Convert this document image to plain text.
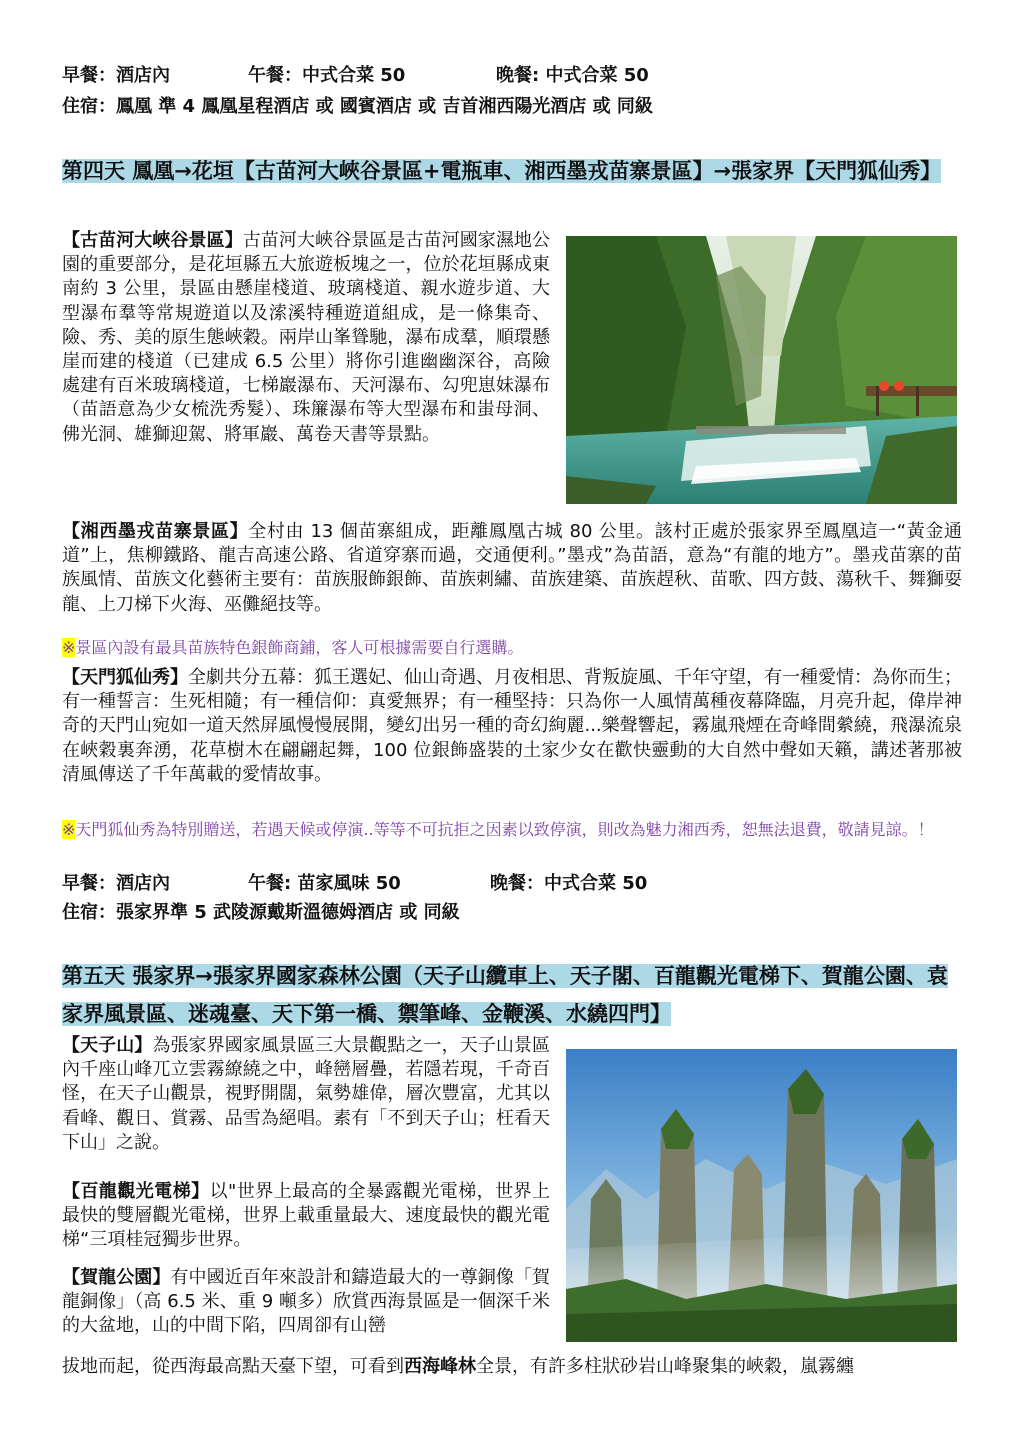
早餐：酒店內	午餐：中式合菜 50	晚餐: 中式合菜 50
住宿：鳳凰 準 4 鳳凰星程酒店 或 國賓酒店 或 吉首湘西陽光酒店 或 同級
第四天 鳳凰→花垣【古苗河大峽谷景區+電瓶車、湘西墨戎苗寨景區】→張家界【天門狐仙秀】
【古苗河大峽谷景區】古苗河大峽谷景區是古苗河國家濕地公園的重要部分，是花垣縣五大旅遊板塊之一，位於花垣縣成東南約 3 公里，景區由懸崖棧道、玻璃棧道、親水遊步道、大型瀑布羣等常規遊道以及溹溪特種遊道組成，是一條集奇、險、秀、美的原生態峽穀。兩岸山峯聳馳，瀑布成羣，順環懸崖而建的棧道（已建成 6.5 公里）將你引進幽幽深谷，高險處建有百米玻璃棧道，七梯巖瀑布、天河瀑布、勾兜崽妹瀑布（苗語意為少女梳洗秀髮）、珠簾瀑布等大型瀑布和蚩母洞、佛光洞、雄獅迎駕、將軍巖、萬卷天書等景點。
【湘西墨戎苗寨景區】全村由 13 個苗寨組成，距離鳳凰古城 80 公里。該村正處於張家界至鳳凰這一“黃金通道”上，焦柳鐵路、龍吉高速公路、省道穿寨而過，交通便利。”墨戎”為苗語，意為“有龍的地方”。墨戎苗寨的苗族風情、苗族文化藝術主要有：苗族服飾銀飾、苗族刺繡、苗族建築、苗族趕秋、苗歌、四方鼓、蕩秋千、舞獅耍龍、上刀梯下火海、巫儺絕技等。
※景區內設有最具苗族特色銀飾商鋪，客人可根據需要自行選購。
【天門狐仙秀】全劇共分五幕：狐王選妃、仙山奇遇、月夜相思、背叛旋風、千年守望，有一種愛情：為你而生；有一種誓言：生死相隨；有一種信仰：真愛無界；有一種堅持：只為你一人風情萬種夜幕降臨，月亮升起，偉岸神奇的天門山宛如一道天然屏風慢慢展開，變幻出另一種的奇幻絢麗...樂聲響起，霧嵐飛煙在奇峰間縈繞，飛瀑流泉在峽穀裏奔湧，花草樹木在翩翩起舞，100 位銀飾盛裝的土家少女在歡快靈動的大自然中聲如天籟，講述著那被清風傳送了千年萬載的愛情故事。
※天門狐仙秀為特別贈送，若遇天候或停演..等等不可抗拒之因素以致停演，則改為魅力湘西秀，恕無法退費，敬請見諒。！
早餐：酒店內	午餐: 苗家風味 50	晚餐：中式合菜 50
住宿：張家界準 5 武陵源戴斯溫德姆酒店 或 同級
第五天 張家界→張家界國家森林公園（天子山纜車上、天子閣、百龍觀光電梯下、賀龍公園、袁家界風景區、迷魂臺、天下第一橋、禦筆峰、金鞭溪、水繞四門】
【天子山】為張家界國家風景區三大景觀點之一，天子山景區內千座山峰兀立雲霧繚繞之中，峰巒層疊，若隱若現，千奇百怪，在天子山觀景，視野開闊，氣勢雄偉，層次豐富，尤其以看峰、觀日、賞霧、品雪為絕唱。素有「不到天子山；枉看天下山」之說。
【百龍觀光電梯】以"世界上最高的全暴露觀光電梯，世界上最快的雙層觀光電梯，世界上載重量最大、速度最快的觀光電梯“三項桂冠獨步世界。
【賀龍公園】有中國近百年來設計和鑄造最大的一尊銅像「賀龍銅像」（高 6.5 米、重 9 噸多）欣賞西海景區是一個深千米的大盆地，山的中間下陷，四周卻有山巒
拔地而起，從西海最高點天臺下望，可看到西海峰林全景，有許多柱狀砂岩山峰聚集的峽穀，嵐霧纏
